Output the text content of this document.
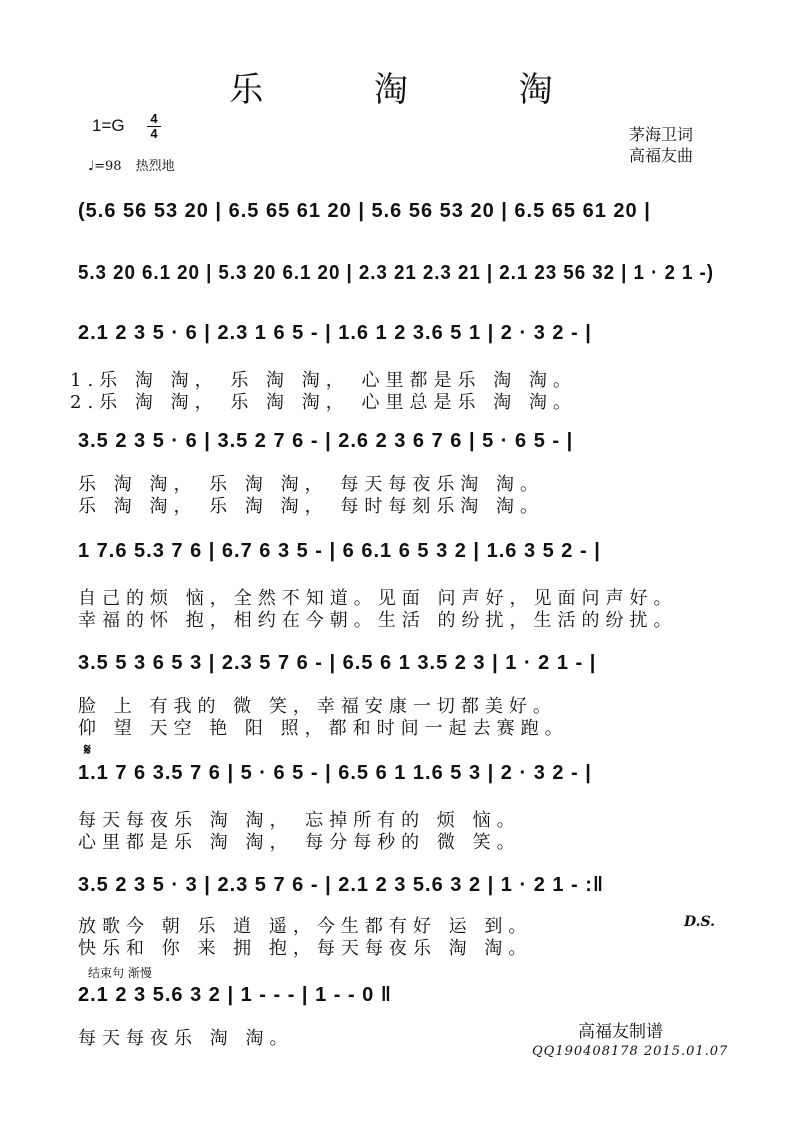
乐 淘 淘
1=G 4
4
♩=98 热烈地
茅海卫词
高福友曲
(5.6 56 53 20 | 6.5 65 61 20 | 5.6 56 53 20 | 6.5 65 61 20 |
5.3 20 6.1 20 | 5.3 20 6.1 20 | 2.3 21 2.3 21 | 2.1 23 56 32 | 1 · 2 1 -)
2.1 2 3 5 · 6 | 2.3 1 6 5 - | 1.6 1 2 3.6 5 1 | 2 · 3 2 - |
1.乐 淘 淘， 乐 淘 淘， 心里都是乐 淘 淘。
2.乐 淘 淘， 乐 淘 淘， 心里总是乐 淘 淘。
3.5 2 3 5 · 6 | 3.5 2 7 6 - | 2.6 2 3 6 7 6 | 5 · 6 5 - |
乐 淘 淘， 乐 淘 淘， 每天每夜乐淘 淘。
乐 淘 淘， 乐 淘 淘， 每时每刻乐淘 淘。
1 7.6 5.3 7 6 | 6.7 6 3 5 - | 6 6.1 6 5 3 2 | 1.6 3 5 2 - |
自己的烦 恼，全然不知道。见面 问声好，见面问声好。
幸福的怀 抱，相约在今朝。生活 的纷扰，生活的纷扰。
3.5 5 3 6 5 3 | 2.3 5 7 6 - | 6.5 6 1 3.5 2 3 | 1 · 2 1 - |
脸 上 有我的 微 笑，幸福安康一切都美好。
仰 望 天空 艳 阳 照，都和时间一起去赛跑。
𝄋
1.1 7 6 3.5 7 6 | 5 · 6 5 - | 6.5 6 1 1.6 5 3 | 2 · 3 2 - |
每天每夜乐 淘 淘， 忘掉所有的 烦 恼。
心里都是乐 淘 淘， 每分每秒的 微 笑。
3.5 2 3 5 · 3 | 2.3 5 7 6 - | 2.1 2 3 5.6 3 2 | 1 · 2 1 - :‖
放歌今 朝 乐 逍 遥，今生都有好 运 到。
快乐和 你 来 拥 抱，每天每夜乐 淘 淘。
D.S.
结束句 渐慢
2.1 2 3 5.6 3 2 | 1 - - - | 1 - - 0 ‖
每天每夜乐 淘 淘。	高福友制谱
QQ190408178 2015.01.07
